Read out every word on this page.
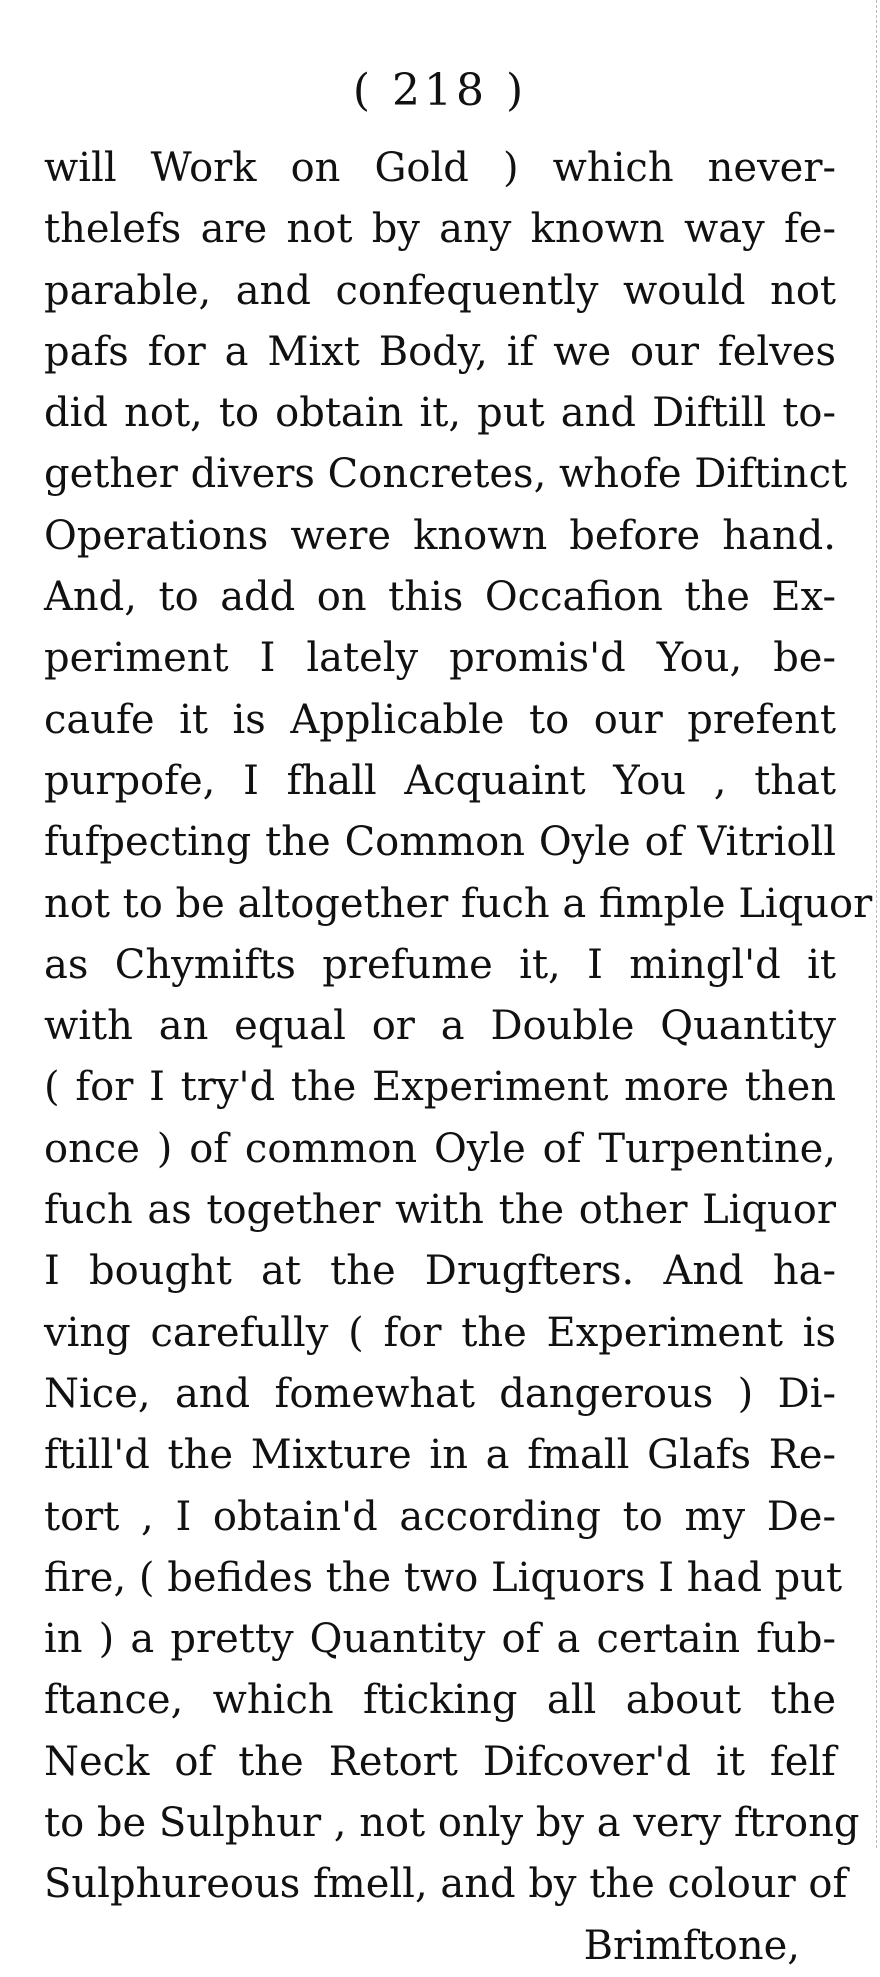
( 218 )
will Work on Gold ) which never-
thelefs are not by any known way fe-
parable, and confequently would not
pafs for a Mixt Body, if we our felves
did not, to obtain it, put and Diftill to-
gether divers Concretes, whofe Diftinct
Operations were known before hand.
And, to add on this Occafion the Ex-
periment I lately promis'd You, be-
caufe it is Applicable to our prefent
purpofe, I fhall Acquaint You , that
fufpecting the Common Oyle of Vitrioll
not to be altogether fuch a fimple Liquor
as Chymifts prefume it, I mingl'd it
with an equal or a Double Quantity
( for I try'd the Experiment more then
once ) of common Oyle of Turpentine,
fuch as together with the other Liquor
I bought at the Drugfters. And ha-
ving carefully ( for the Experiment is
Nice, and fomewhat dangerous ) Di-
ftill'd the Mixture in a fmall Glafs Re-
tort , I obtain'd according to my De-
fire, ( befides the two Liquors I had put
in ) a pretty Quantity of a certain fub-
ftance, which fticking all about the
Neck of the Retort Difcover'd it felf
to be Sulphur , not only by a very ftrong
Sulphureous fmell, and by the colour of
Brimftone,
